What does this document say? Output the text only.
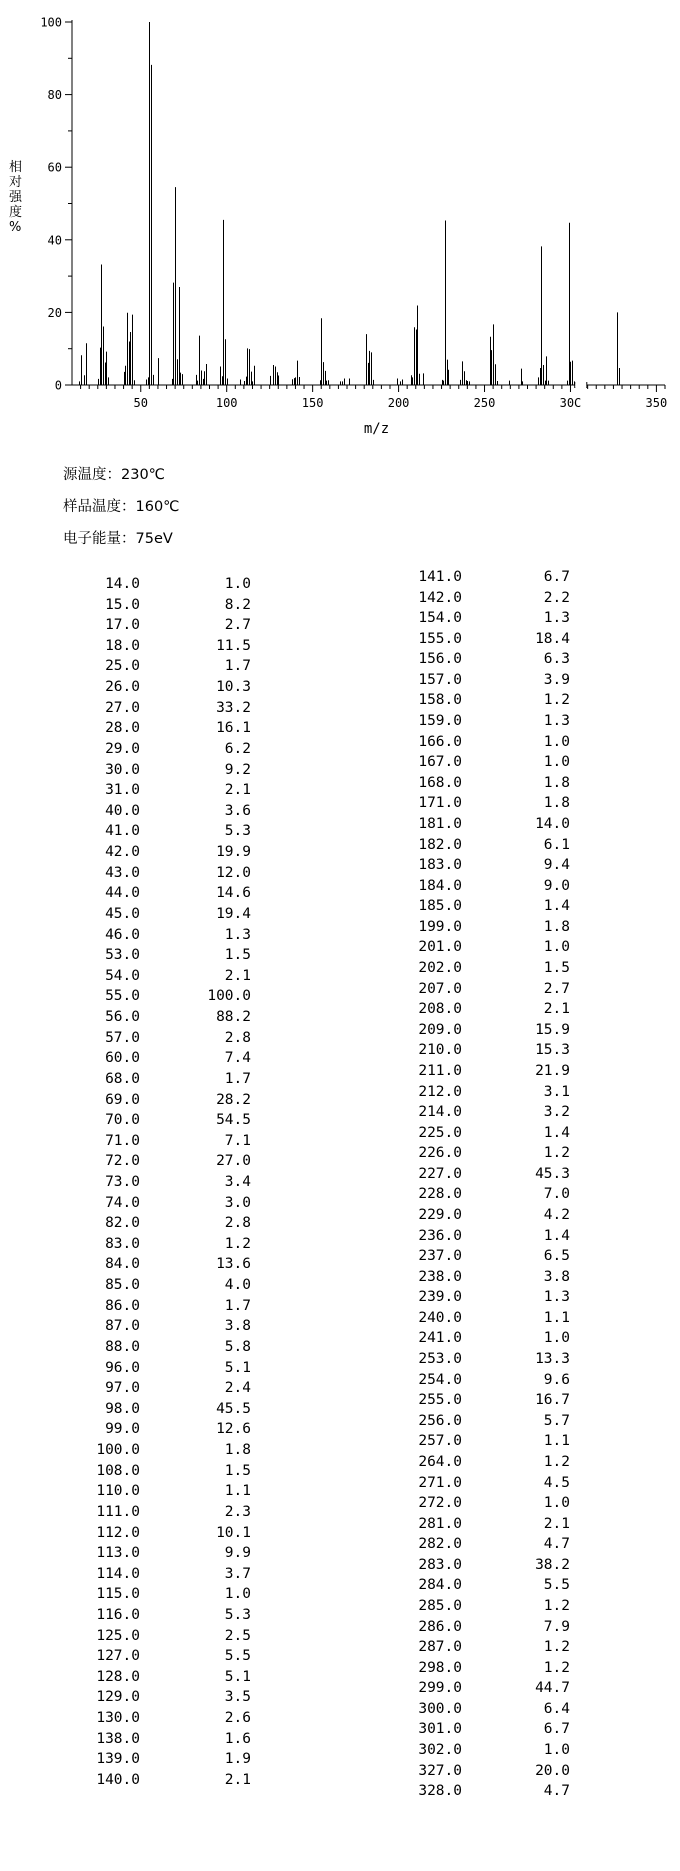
0
20
40
60
80
100
50	100	150	200	250	30C	350
m/z
相
对
强
度
%
源温度：230℃
样品温度：160℃
电子能量：75eV
14.0	1.0
15.0	8.2
17.0	2.7
18.0	11.5
25.0	1.7
26.0	10.3
27.0	33.2
28.0	16.1
29.0	6.2
30.0	9.2
31.0	2.1
40.0	3.6
41.0	5.3
42.0	19.9
43.0	12.0
44.0	14.6
45.0	19.4
46.0	1.3
53.0	1.5
54.0	2.1
55.0	100.0
56.0	88.2
57.0	2.8
60.0	7.4
68.0	1.7
69.0	28.2
70.0	54.5
71.0	7.1
72.0	27.0
73.0	3.4
74.0	3.0
82.0	2.8
83.0	1.2
84.0	13.6
85.0	4.0
86.0	1.7
87.0	3.8
88.0	5.8
96.0	5.1
97.0	2.4
98.0	45.5
99.0	12.6
100.0	1.8
108.0	1.5
110.0	1.1
111.0	2.3
112.0	10.1
113.0	9.9
114.0	3.7
115.0	1.0
116.0	5.3
125.0	2.5
127.0	5.5
128.0	5.1
129.0	3.5
130.0	2.6
138.0	1.6
139.0	1.9
140.0	2.1
141.0	6.7
142.0	2.2
154.0	1.3
155.0	18.4
156.0	6.3
157.0	3.9
158.0	1.2
159.0	1.3
166.0	1.0
167.0	1.0
168.0	1.8
171.0	1.8
181.0	14.0
182.0	6.1
183.0	9.4
184.0	9.0
185.0	1.4
199.0	1.8
201.0	1.0
202.0	1.5
207.0	2.7
208.0	2.1
209.0	15.9
210.0	15.3
211.0	21.9
212.0	3.1
214.0	3.2
225.0	1.4
226.0	1.2
227.0	45.3
228.0	7.0
229.0	4.2
236.0	1.4
237.0	6.5
238.0	3.8
239.0	1.3
240.0	1.1
241.0	1.0
253.0	13.3
254.0	9.6
255.0	16.7
256.0	5.7
257.0	1.1
264.0	1.2
271.0	4.5
272.0	1.0
281.0	2.1
282.0	4.7
283.0	38.2
284.0	5.5
285.0	1.2
286.0	7.9
287.0	1.2
298.0	1.2
299.0	44.7
300.0	6.4
301.0	6.7
302.0	1.0
327.0	20.0
328.0	4.7
